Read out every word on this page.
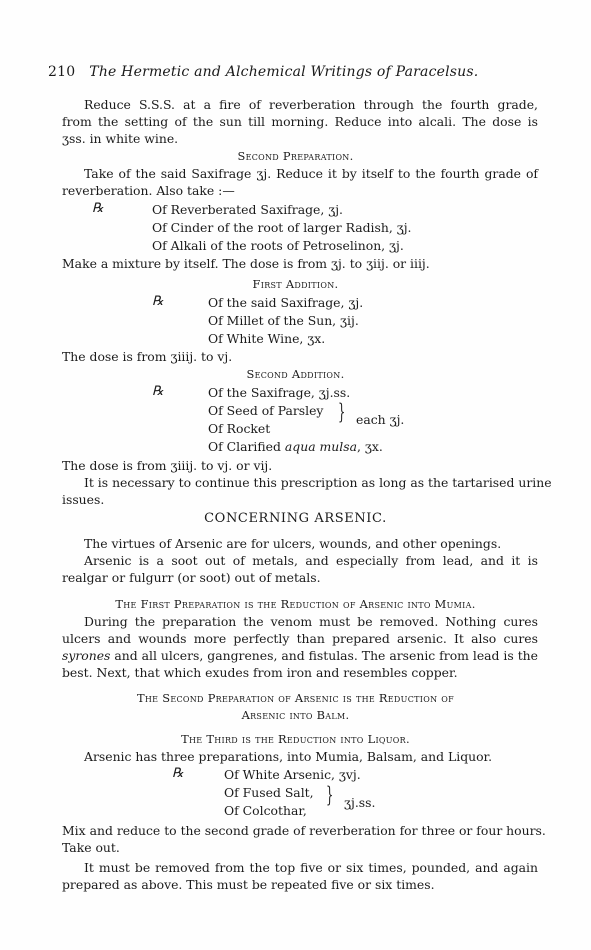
210 The Hermetic and Alchemical Writings of Paracelsus.
Reduce S.S.S. at a fire of reverberation through the fourth grade,
from the setting of the sun till morning. Reduce into alcali. The dose is
ʒss. in white wine.
Second Preparation.
Take of the said Saxifrage ʒj. Reduce it by itself to the fourth grade of
reverberation. Also take :—
℞	Of Reverberated Saxifrage, ʒj.
Of Cinder of the root of larger Radish, ʒj.
Of Alkali of the roots of Petroselinon, ʒj.
Make a mixture by itself. The dose is from ʒj. to ʒiij. or iiij.
First Addition.
℞	Of the said Saxifrage, ʒj.
Of Millet of the Sun, ʒij.
Of White Wine, ʒx.
The dose is from ʒiiij. to vj.
Second Addition.
℞	Of the Saxifrage, ʒj.ss.
Of Seed of Parsley
Of Rocket
} each ʒj.
Of Clarified aqua mulsa, ʒx.
The dose is from ʒiiij. to vj. or vij.
It is necessary to continue this prescription as long as the tartarised urine
issues.
CONCERNING ARSENIC.
The virtues of Arsenic are for ulcers, wounds, and other openings.
Arsenic is a soot out of metals, and especially from lead, and it is
realgar or fulgurr (or soot) out of metals.
The First Preparation is the Reduction of Arsenic into Mumia.
During the preparation the venom must be removed. Nothing cures
ulcers and wounds more perfectly than prepared arsenic. It also cures
syrones and all ulcers, gangrenes, and fistulas. The arsenic from lead is the
best. Next, that which exudes from iron and resembles copper.
The Second Preparation of Arsenic is the Reduction of
Arsenic into Balm.
The Third is the Reduction into Liquor.
Arsenic has three preparations, into Mumia, Balsam, and Liquor.
℞	Of White Arsenic, ʒvj.
Of Fused Salt,
Of Colcothar,
} ʒj.ss.
Mix and reduce to the second grade of reverberation for three or four hours.
Take out.
It must be removed from the top five or six times, pounded, and again
prepared as above. This must be repeated five or six times.
